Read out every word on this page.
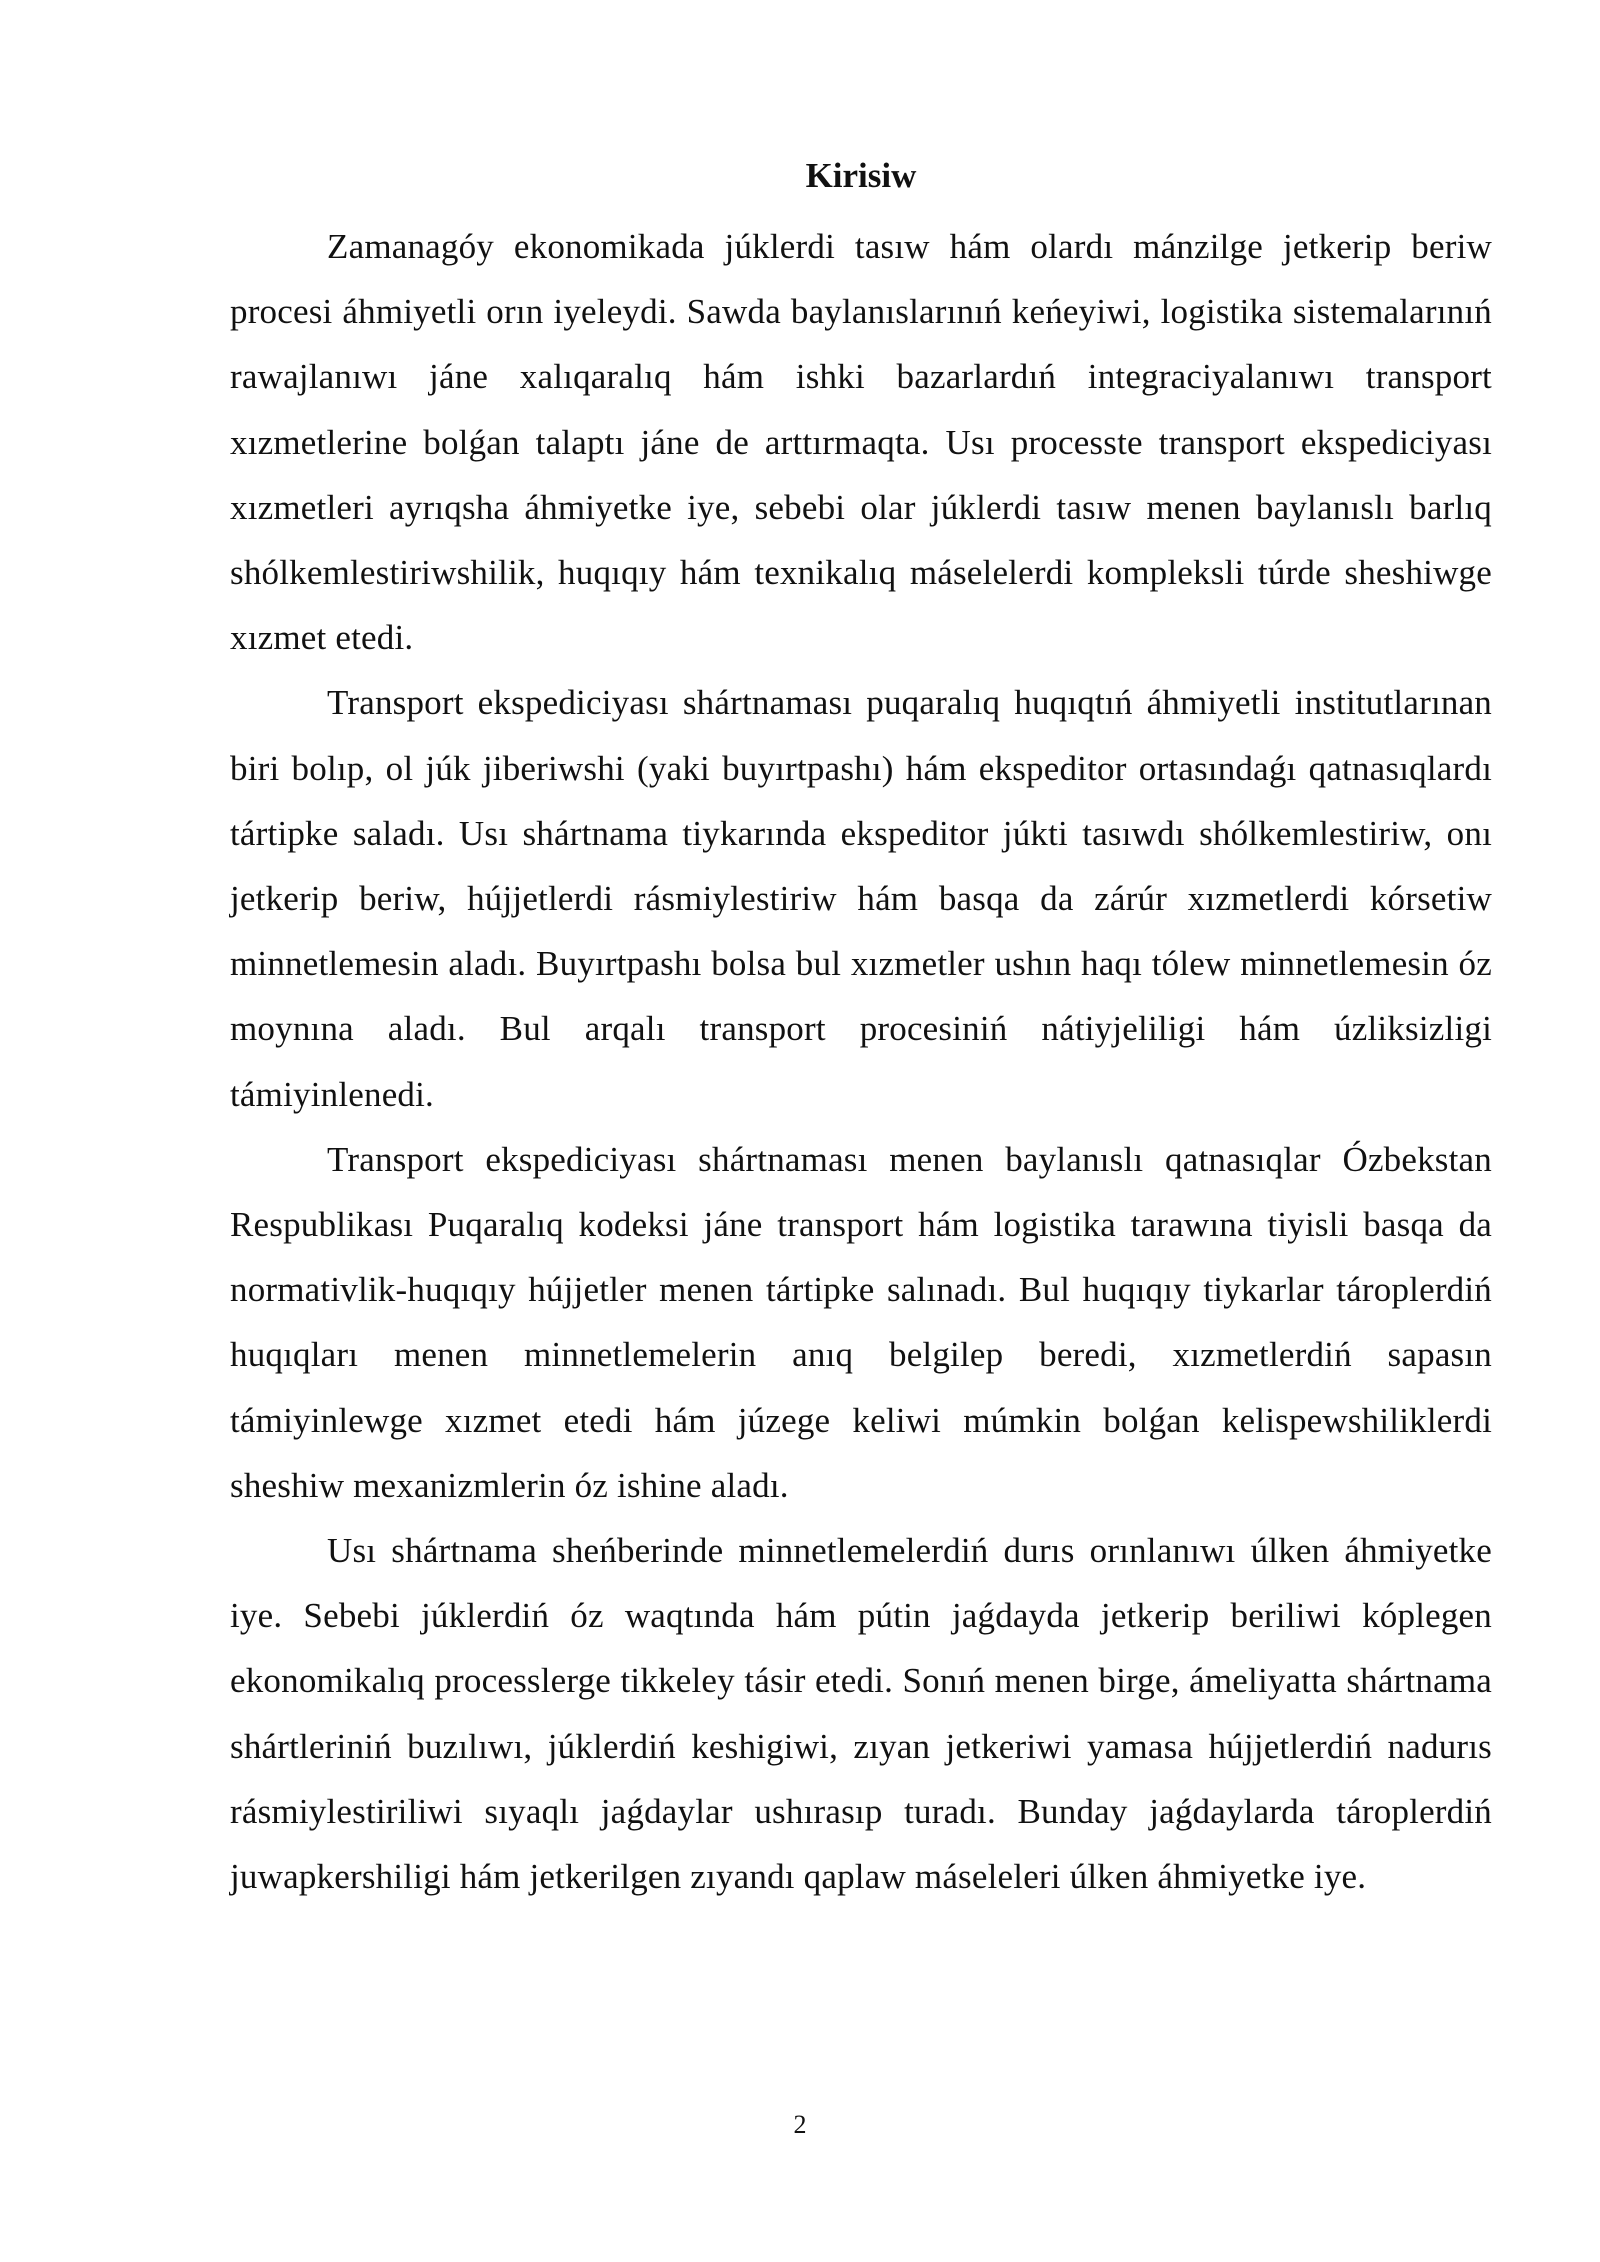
Kirisiw

Zamanagóy ekonomikada júklerdi tasıw hám olardı mánzilge jetkerip beriw procesi áhmiyetli orın iyeleydi. Sawda baylanıslarınıń keńeyiwi, logistika sistemalarınıń rawajlanıwı jáne xalıqaralıq hám ishki bazarlardıń integraciyalanıwı transport xızmetlerine bolǵan talaptı jáne de arttırmaqta. Usı processte transport ekspediciyası xızmetleri ayrıqsha áhmiyetke iye, sebebi olar júklerdi tasıw menen baylanıslı barlıq shólkemlestiriwshilik, huqıqıy hám texnikalıq máselelerdi kompleksli túrde sheshiwge xızmet etedi.

Transport ekspediciyası shártnaması puqaralıq huqıqtıń áhmiyetli institutlarınan biri bolıp, ol júk jiberiwshi (yaki buyırtpashı) hám ekspeditor ortasındaǵı qatnasıqlardı tártipke saladı. Usı shártnama tiykarında ekspeditor júkti tasıwdı shólkemlestiriw, onı jetkerip beriw, hújjetlerdi rásmiylestiriw hám basqa da zárúr xızmetlerdi kórsetiw minnetlemesin aladı. Buyırtpashı bolsa bul xızmetler ushın haqı tólew minnetlemesin óz moynına aladı. Bul arqalı transport procesiniń nátiyjeliligi hám úzliksizligi támiyinlenedi.

Transport ekspediciyası shártnaması menen baylanıslı qatnasıqlar Ózbekstan Respublikası Puqaralıq kodeksi jáne transport hám logistika tarawına tiyisli basqa da normativlik-huqıqıy hújjetler menen tártipke salınadı. Bul huqıqıy tiykarlar tároplerdiń huqıqları menen minnetlemelerin anıq belgilep beredi, xızmetlerdiń sapasın támiyinlewge xızmet etedi hám júzege keliwi múmkin bolǵan kelispewshiliklerdi sheshiw mexanizmlerin óz ishine aladı.

Usı shártnama sheńberinde minnetlemelerdiń durıs orınlanıwı úlken áhmiyetke iye. Sebebi júklerdiń óz waqtında hám pútin jaǵdayda jetkerip beriliwi kóplegen ekonomikalıq processlerge tikkeley tásir etedi. Sonıń menen birge, ámeliyatta shártnama shártleriniń buzılıwı, júklerdiń keshigiwi, zıyan jetkeriwi yamasa hújjetlerdiń nadurıs rásmiylestiriliwi sıyaqlı jaǵdaylar ushırasıp turadı. Bunday jaǵdaylarda tároplerdiń juwapkershiligi hám jetkerilgen zıyandı qaplaw máseleleri úlken áhmiyetke iye.

2
